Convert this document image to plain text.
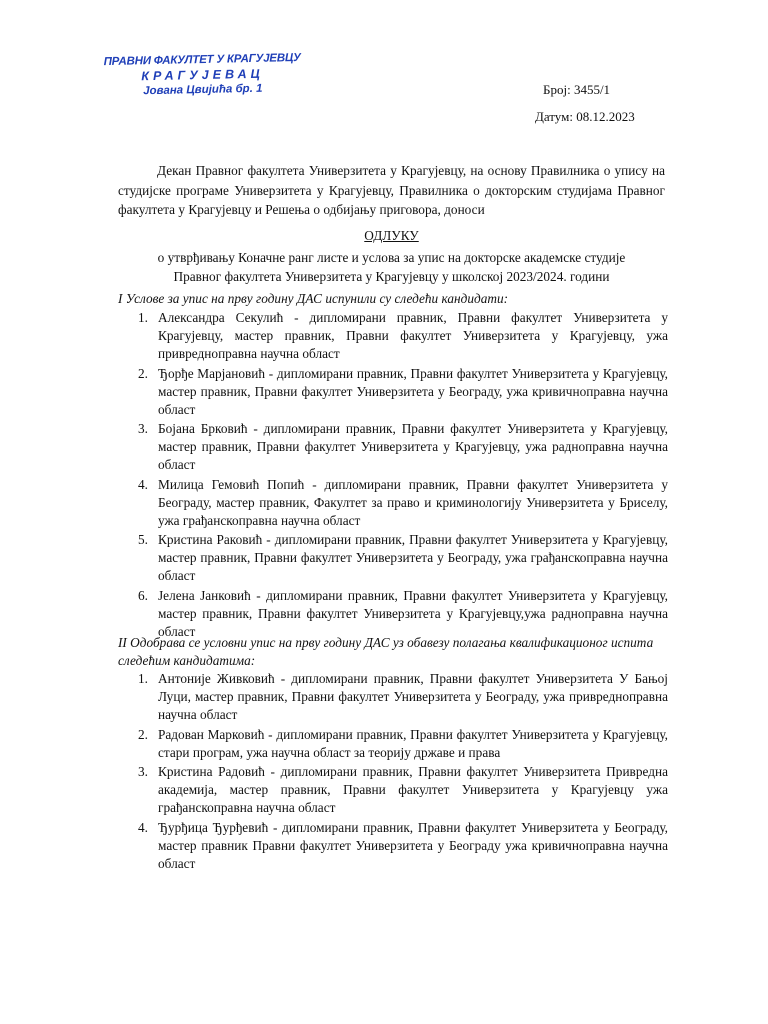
ПРАВНИ ФАКУЛТЕТ У КРАГУЈЕВЦУ
КРАГУЈЕВАЦ
Јована Цвијића бр. 1	Број: 3455/1
Датум: 08.12.2023
Декан Правног факултета Универзитета у Крагујевцу, на основу Правилника о упису на студијске програме Универзитета у Крагујевцу, Правилника о докторским студијама Правног факултета у Крагујевцу и Решења о одбијању приговора, доноси
ОДЛУКУ
о утврђивању Коначне ранг листе и услова за упис на докторске академске студије
Правног факултета Универзитета у Крагујевцу у школској 2023/2024. години
I Услове за упис на прву годину ДАС испунили су следећи кандидати:
1. Александра Секулић - дипломирани правник, Правни факултет Универзитета у Крагујевцу, мастер правник, Правни факултет Универзитета у Крагујевцу, ужа привредноправна научна област
2. Ђорђе Марјановић - дипломирани правник, Правни факултет Универзитета у Крагујевцу, мастер правник, Правни факултет Универзитета у Београду, ужа кривичноправна научна област
3. Бојана Брковић - дипломирани правник, Правни факултет Универзитета у Крагујевцу, мастер правник, Правни факултет Универзитета у Крагујевцу, ужа радноправна научна област
4. Милица Гемовић Попић - дипломирани правник, Правни факултет Универзитета у Београду, мастер правник, Факултет за право и криминологију Универзитета у Бриселу, ужа грађанскоправна научна област
5. Кристина Раковић - дипломирани правник, Правни факултет Универзитета у Крагујевцу, мастер правник, Правни факултет Универзитета у Београду, ужа грађанскоправна научна област
6. Јелена Јанковић - дипломирани правник, Правни факултет Универзитета у Крагујевцу, мастер правник, Правни факултет Универзитета у Крагујевцу,ужа радноправна научна област
II Одобрава се условни упис на прву годину ДАС уз обавезу полагања квалификационог испита следећим кандидатима:
1. Антоније Живковић - дипломирани правник, Правни факултет Универзитета У Бањој Луци, мастер правник, Правни факултет Универзитета у Београду, ужа привредноправна научна област
2. Радован Марковић - дипломирани правник, Правни факултет Универзитета у Крагујевцу, стари програм, ужа научна област за теорију државе и права
3. Кристина Радовић - дипломирани правник, Правни факултет Универзитета Привредна академија, мастер правник, Правни факултет Универзитета у Крагујевцу ужа грађанскоправна научна област
4. Ђурђица Ђурђевић - дипломирани правник, Правни факултет Универзитета у Београду, мастер правник Правни факултет Универзитета у Београду ужа кривичноправна научна област
